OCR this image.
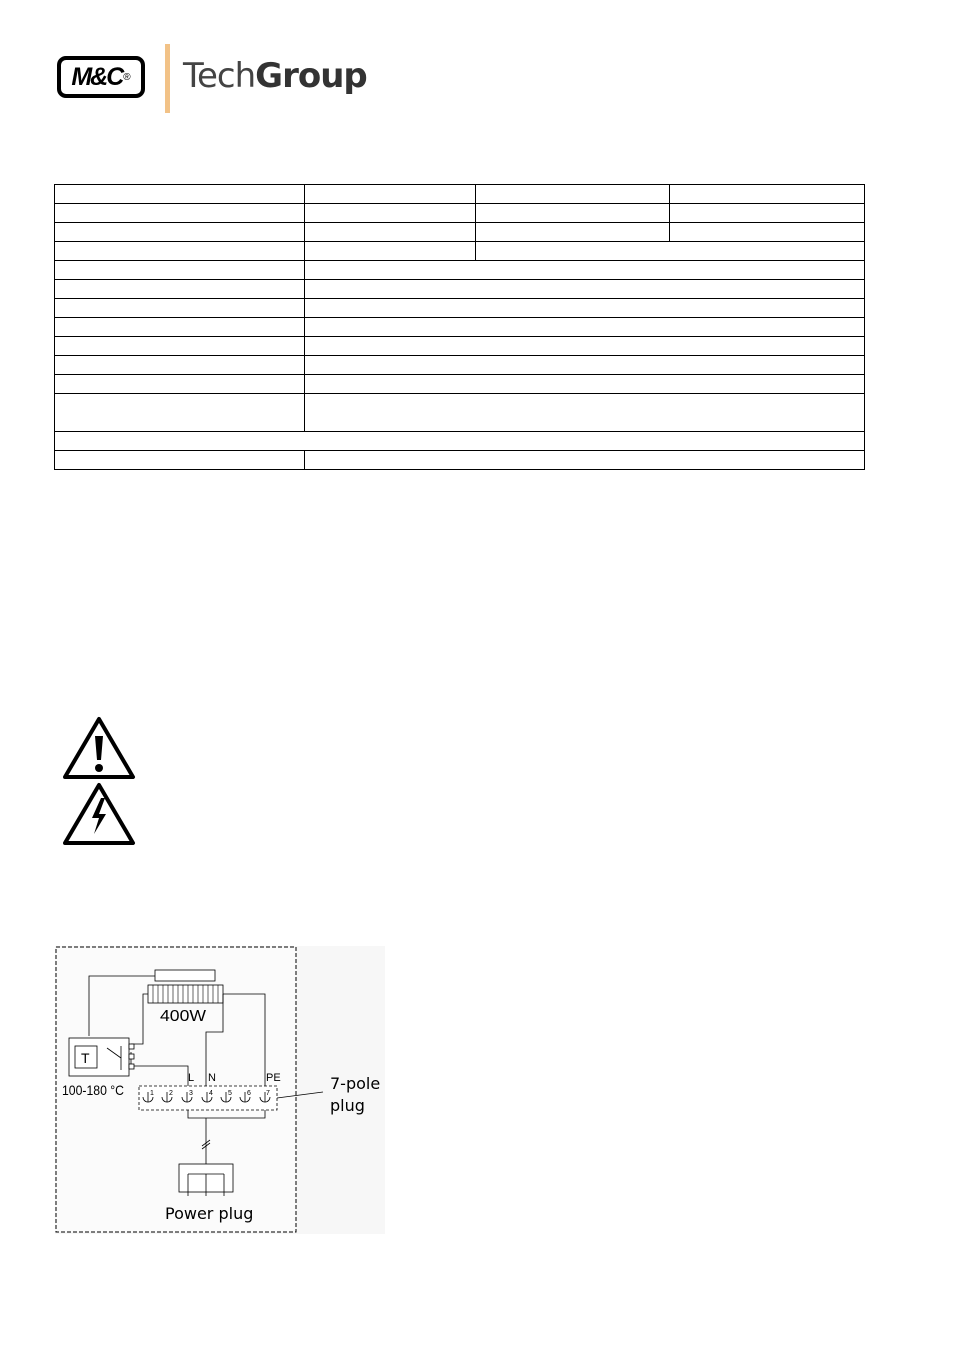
M&C ® TechGroup

400W
T
100-180 °C
L N	PE
1 2 3 4 5 6 7
7-pole
plug
Power plug
